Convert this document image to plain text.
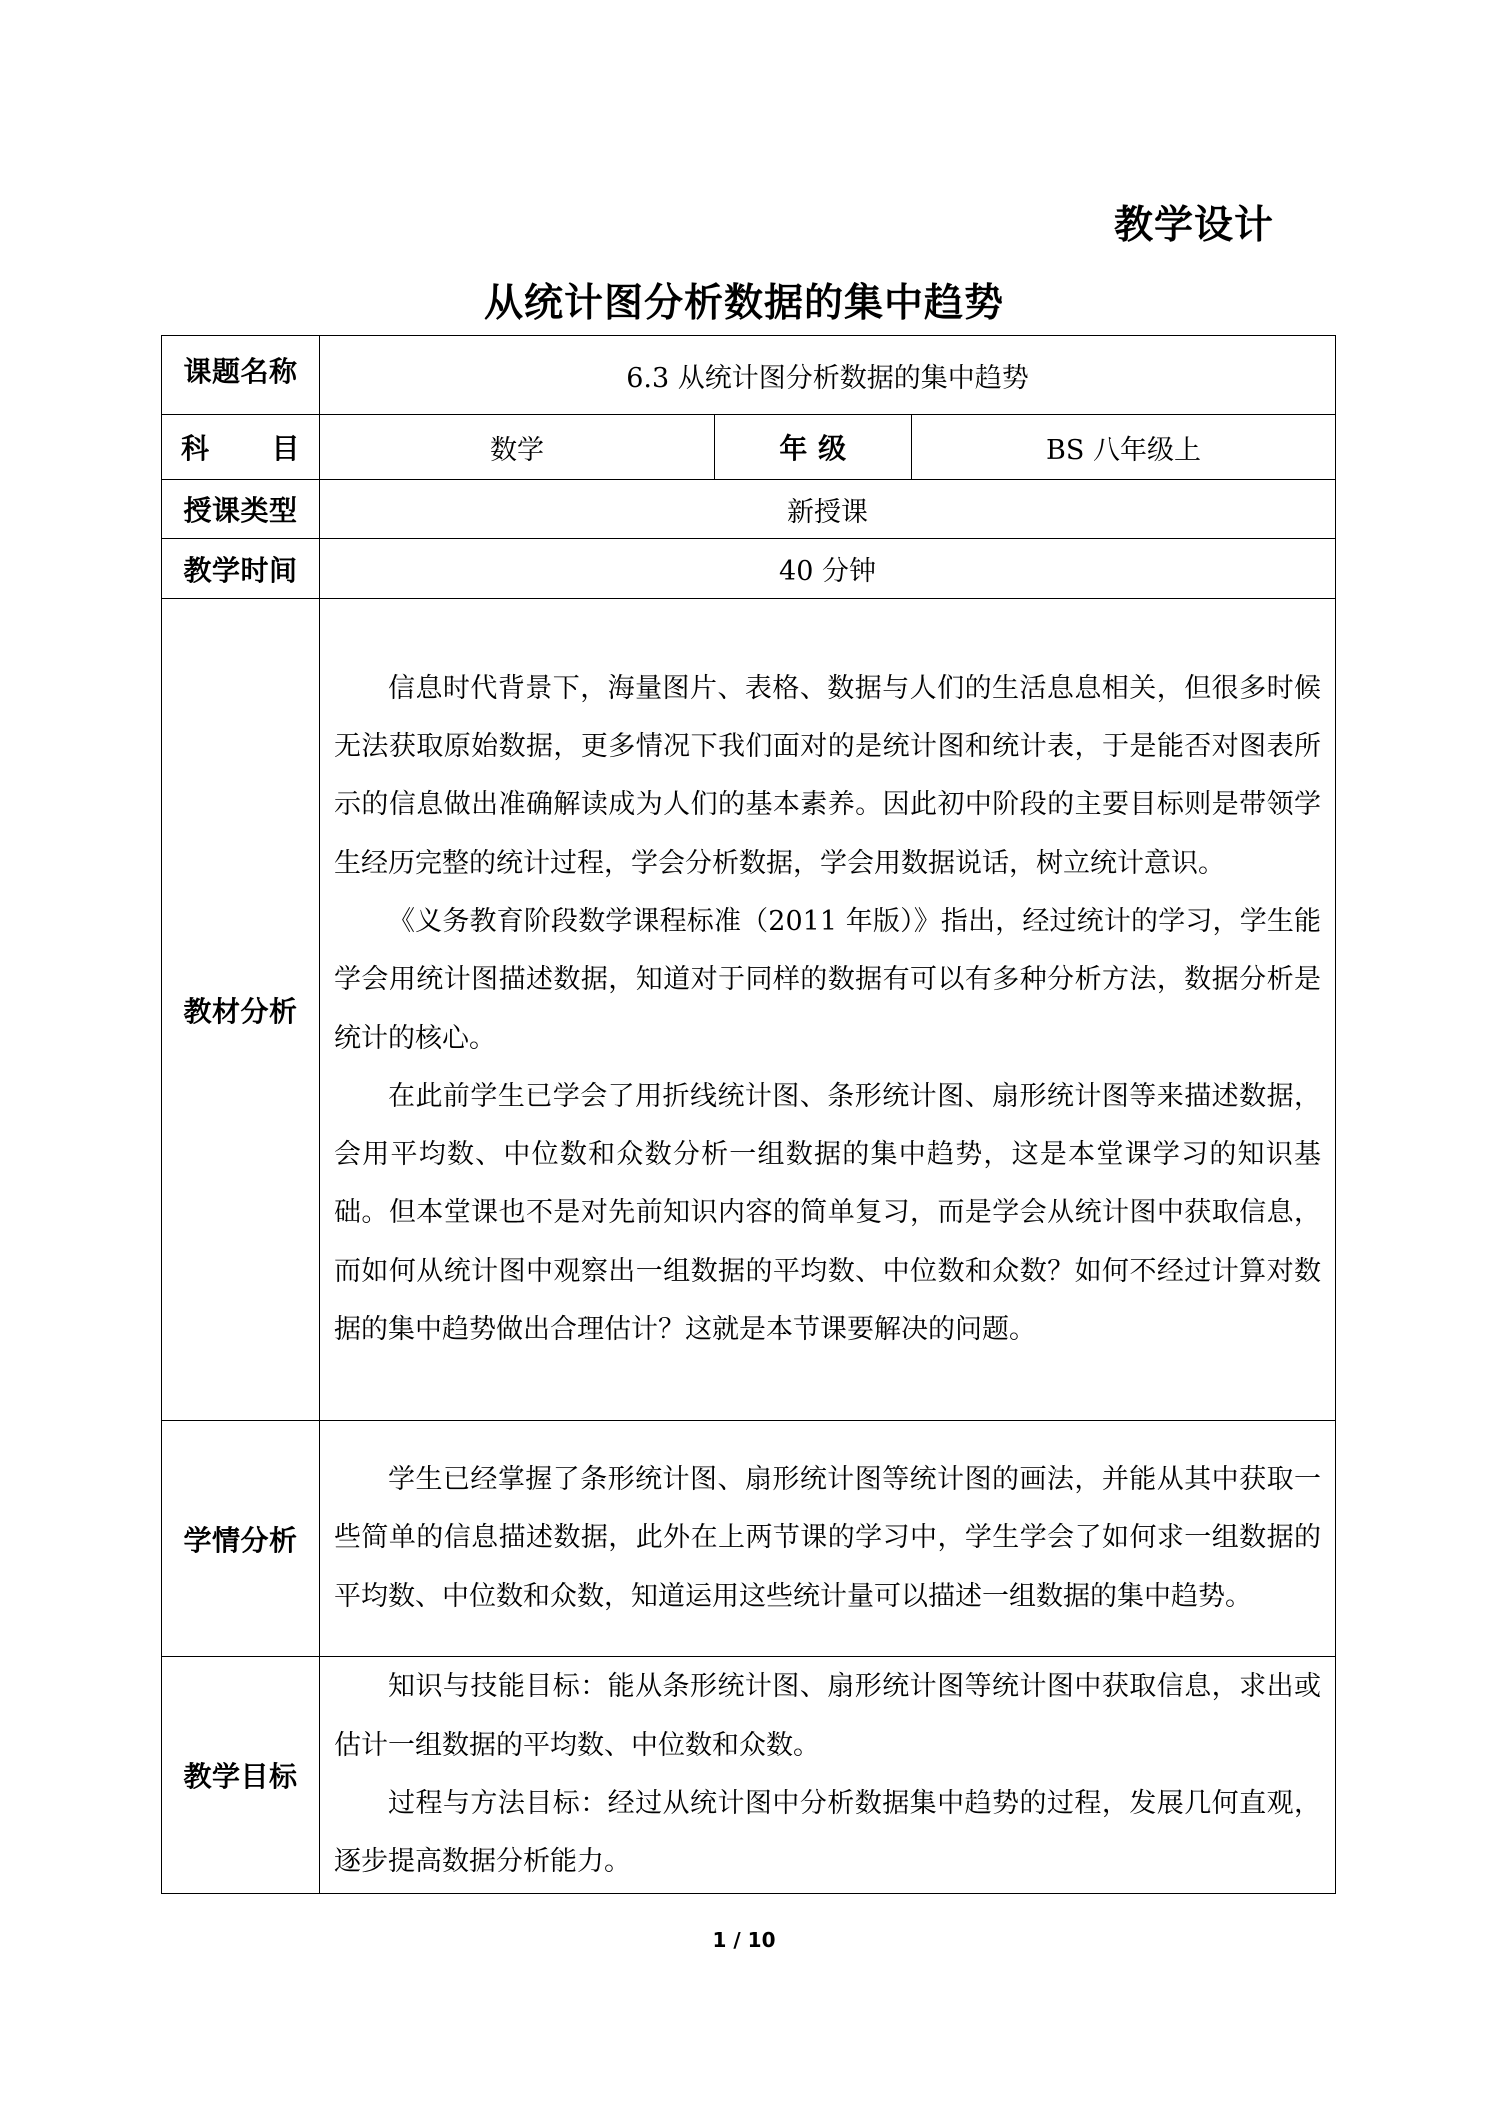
教学设计
从统计图分析数据的集中趋势
课题名称	6.3 从统计图分析数据的集中趋势		
科 目	数学	年 级	BS 八年级上
授课类型	新授课		
教学时间	40 分钟		
教材分析	信息时代背景下，海量图片、表格、数据与人们的生活息息相关，但很多时候无法获取原始数据，更多情况下我们面对的是统计图和统计表，于是能否对图表所示的信息做出准确解读成为人们的基本素养。因此初中阶段的主要目标则是带领学生经历完整的统计过程，学会分析数据，学会用数据说话，树立统计意识。

《义务教育阶段数学课程标准（2011 年版）》指出，经过统计的学习，学生能学会用统计图描述数据，知道对于同样的数据有可以有多种分析方法，数据分析是统计的核心。

在此前学生已学会了用折线统计图、条形统计图、扇形统计图等来描述数据，会用平均数、中位数和众数分析一组数据的集中趋势，这是本堂课学习的知识基础。但本堂课也不是对先前知识内容的简单复习，而是学会从统计图中获取信息，而如何从统计图中观察出一组数据的平均数、中位数和众数？如何不经过计算对数据的集中趋势做出合理估计？这就是本节课要解决的问题。		

学情分析	学生已经掌握了条形统计图、扇形统计图等统计图的画法，并能从其中获取一些简单的信息描述数据，此外在上两节课的学习中，学生学会了如何求一组数据的平均数、中位数和众数，知道运用这些统计量可以描述一组数据的集中趋势。		

教学目标	知识与技能目标：能从条形统计图、扇形统计图等统计图中获取信息，求出或估计一组数据的平均数、中位数和众数。

过程与方法目标：经过从统计图中分析数据集中趋势的过程，发展几何直观，逐步提高数据分析能力。		

1 / 10
